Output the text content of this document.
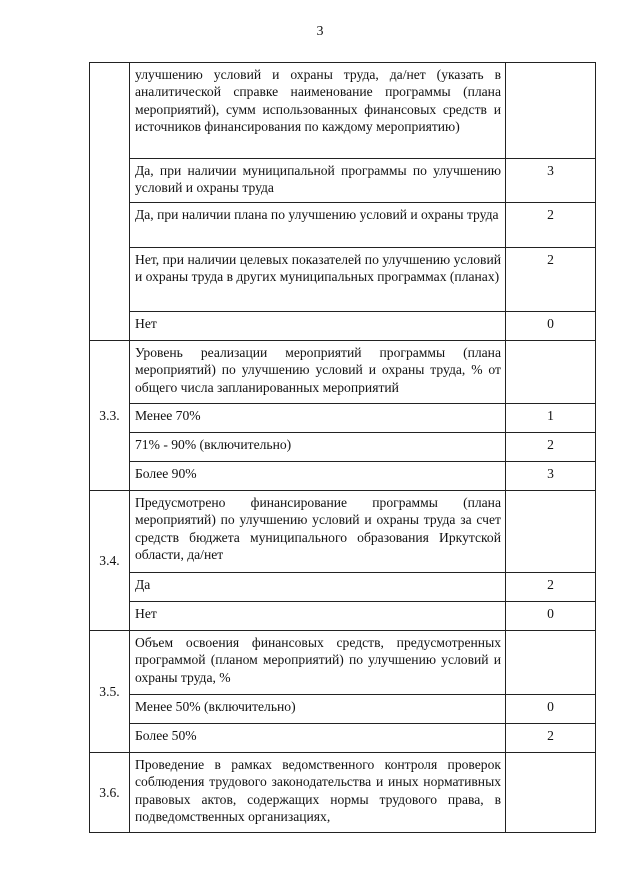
3
	улучшению условий и охраны труда, да/нет (указать в аналитической справке наименование программы (плана мероприятий), сумм использованных финансовых средств и источников финансирования по каждому мероприятию)	
	Да, при наличии муниципальной программы по улучшению условий и охраны труда	3
	Да, при наличии плана по улучшению условий и охраны труда	2
	Нет, при наличии целевых показателей по улучшению условий и охраны труда в других муниципальных программах (планах)	2
	Нет	0
3.3.	Уровень реализации мероприятий программы (плана мероприятий) по улучшению условий и охраны труда, % от общего числа запланированных мероприятий	
	Менее 70%	1
	71% - 90% (включительно)	2
	Более 90%	3
3.4.	Предусмотрено финансирование программы (плана мероприятий) по улучшению условий и охраны труда за счет средств бюджета муниципального образования Иркутской области, да/нет	
	Да	2
	Нет	0
3.5.	Объем освоения финансовых средств, предусмотренных программой (планом мероприятий) по улучшению условий и охраны труда, %	
	Менее 50% (включительно)	0
	Более 50%	2
3.6.	Проведение в рамках ведомственного контроля проверок соблюдения трудового законодательства и иных нормативных правовых актов, содержащих нормы трудового права, в подведомственных организациях,	
